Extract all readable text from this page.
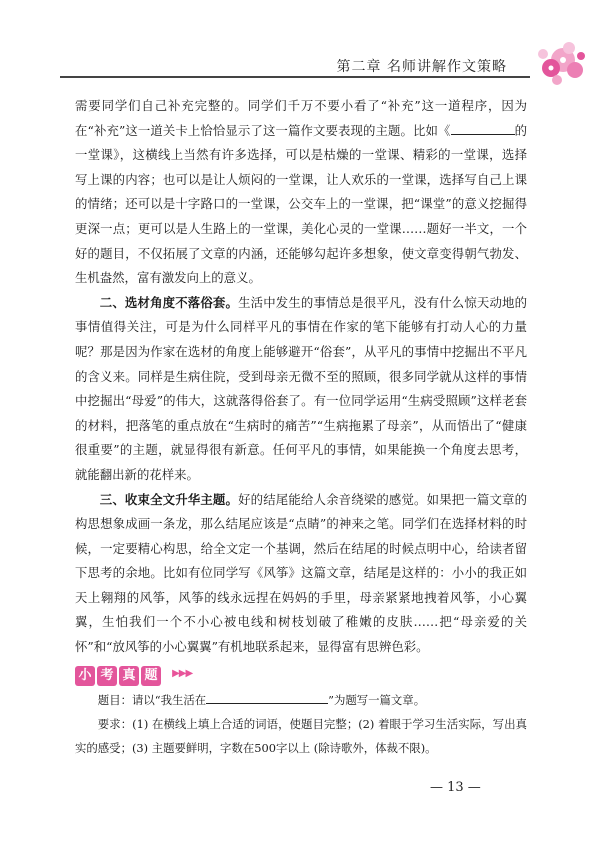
第二章 名师讲解作文策略

需要同学们自己补充完整的。同学们千万不要小看了“补充”这一道程序，因为在“补充”这一道关卡上恰恰显示了这一篇作文要表现的主题。比如《	的一堂课》，这横线上当然有许多选择，可以是枯燥的一堂课、精彩的一堂课，选择写上课的内容；也可以是让人烦闷的一堂课，让人欢乐的一堂课，选择写自己上课的情绪；还可以是十字路口的一堂课，公交车上的一堂课，把“课堂”的意义挖掘得更深一点；更可以是人生路上的一堂课，美化心灵的一堂课……题好一半文，一个好的题目，不仅拓展了文章的内涵，还能够勾起许多想象，使文章变得朝气勃发、生机盎然，富有激发向上的意义。

二、选材角度不落俗套。生活中发生的事情总是很平凡，没有什么惊天动地的事情值得关注，可是为什么同样平凡的事情在作家的笔下能够有打动人心的力量呢？那是因为作家在选材的角度上能够避开“俗套”，从平凡的事情中挖掘出不平凡的含义来。同样是生病住院，受到母亲无微不至的照顾，很多同学就从这样的事情中挖掘出“母爱”的伟大，这就落得俗套了。有一位同学运用“生病受照顾”这样老套的材料，把落笔的重点放在“生病时的痛苦”“生病拖累了母亲”，从而悟出了“健康很重要”的主题，就显得很有新意。任何平凡的事情，如果能换一个角度去思考，就能翻出新的花样来。

三、收束全文升华主题。好的结尾能给人余音绕梁的感觉。如果把一篇文章的构思想象成画一条龙，那么结尾应该是“点睛”的神来之笔。同学们在选择材料的时候，一定要精心构思，给全文定一个基调，然后在结尾的时候点明中心，给读者留下思考的余地。比如有位同学写《风筝》这篇文章，结尾是这样的：小小的我正如天上翱翔的风筝，风筝的线永远捏在妈妈的手里，母亲紧紧地拽着风筝，小心翼翼，生怕我们一个不小心被电线和树枝划破了稚嫩的皮肤……把“母亲爱的关怀”和“放风筝的小心翼翼”有机地联系起来，显得富有思辨色彩。

小 考 真 题 ▶▶▶

题目：请以“我生活在	”为题写一篇文章。

要求：(1) 在横线上填上合适的词语，使题目完整；(2) 着眼于学习生活实际，写出真实的感受；(3) 主题要鲜明，字数在500字以上 (除诗歌外，体裁不限)。

— 13 —
